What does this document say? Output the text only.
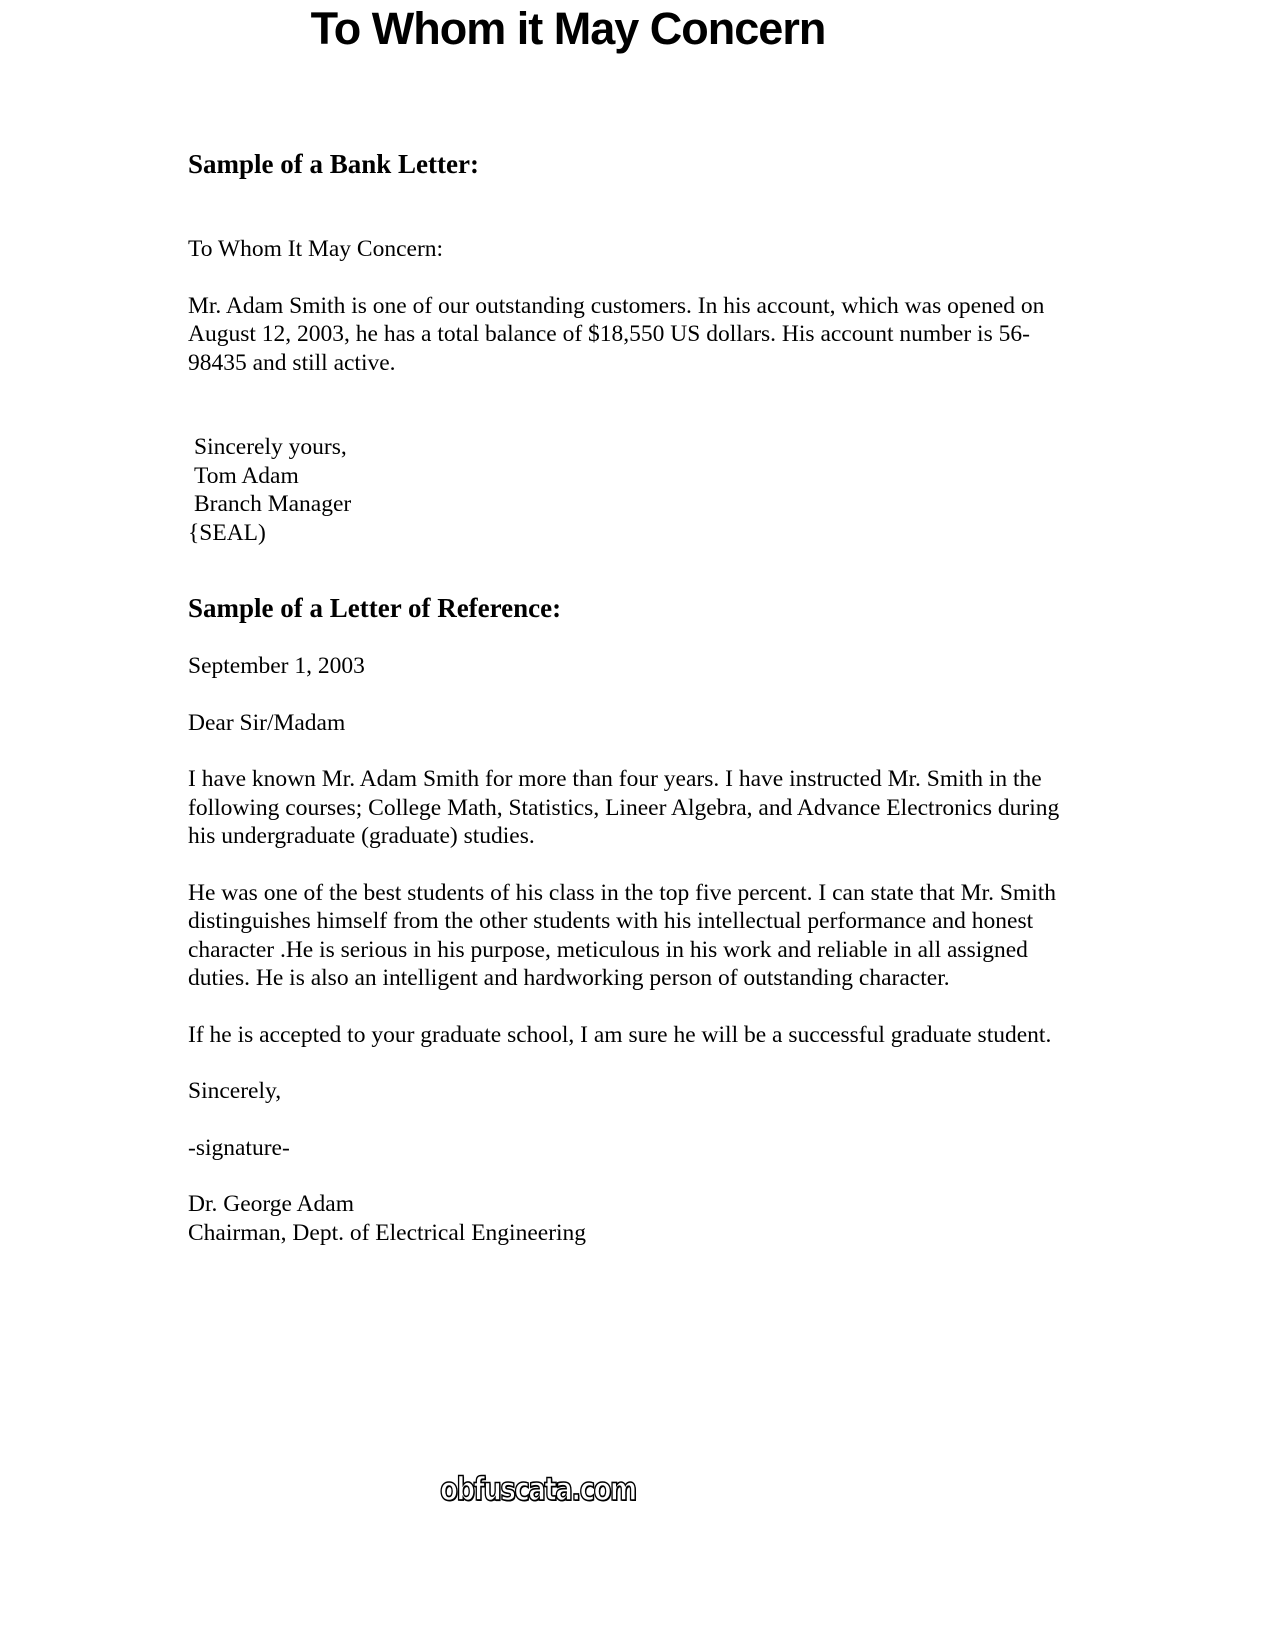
To Whom it May Concern
Sample of a Bank Letter:

To Whom It May Concern:

Mr. Adam Smith is one of our outstanding customers. In his account, which was opened on August 12, 2003, he has a total balance of $18,550 US dollars. His account number is 56-98435 and still active.

Sincerely yours,
Tom Adam
Branch Manager
{SEAL)
Sample of a Letter of Reference:

September 1, 2003

Dear Sir/Madam

I have known Mr. Adam Smith for more than four years. I have instructed Mr. Smith in the following courses; College Math, Statistics, Lineer Algebra, and Advance Electronics during his undergraduate (graduate) studies.

He was one of the best students of his class in the top five percent. I can state that Mr. Smith distinguishes himself from the other students with his intellectual performance and honest character .He is serious in his purpose, meticulous in his work and reliable in all assigned duties. He is also an intelligent and hardworking person of outstanding character.

If he is accepted to your graduate school, I am sure he will be a successful graduate student.

Sincerely,

-signature-

Dr. George Adam
Chairman, Dept. of Electrical Engineering
obfuscata.com
